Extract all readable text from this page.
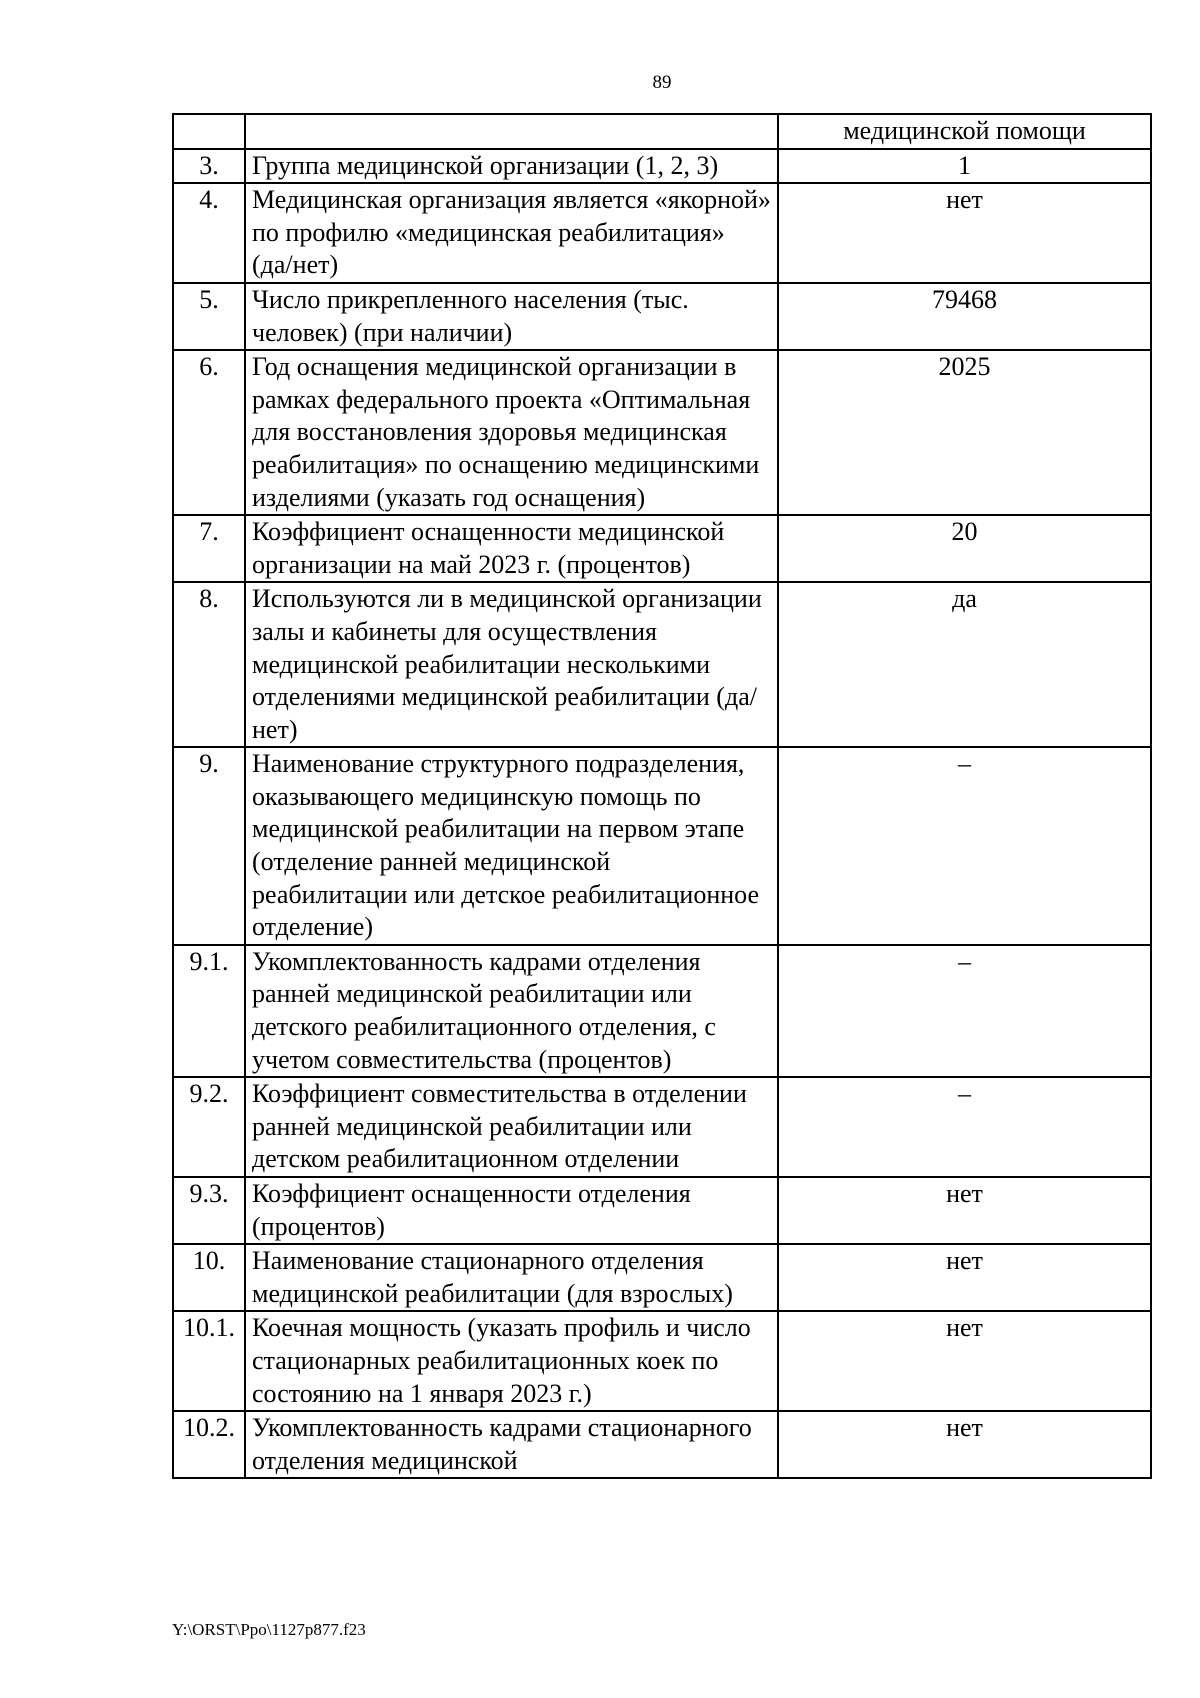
89
		медицинской помощи
3.	Группа медицинской организации (1, 2, 3)	1
4.	Медицинская организация является «якорной» по профилю «медицинская реабилитация» (да/нет)	нет
5.	Число прикрепленного населения (тыс. человек) (при наличии)	79468
6.	Год оснащения медицинской организации в рамках федерального проекта «Оптимальная для восстановления здоровья медицинская реабилитация» по оснащению медицинскими изделиями (указать год оснащения)	2025
7.	Коэффициент оснащенности медицинской организации на май 2023 г. (процентов)	20
8.	Используются ли в медицинской организации залы и кабинеты для осуществления медицинской реабилитации несколькими отделениями медицинской реабилитации (да/нет)	да
9.	Наименование структурного подразделения, оказывающего медицинскую помощь по медицинской реабилитации на первом этапе (отделение ранней медицинской реабилитации или детское реабилитационное отделение)	–
9.1.	Укомплектованность кадрами отделения ранней медицинской реабилитации или детского реабилитационного отделения, с учетом совместительства (процентов)	–
9.2.	Коэффициент совместительства в отделении ранней медицинской реабилитации или детском реабилитационном отделении	–
9.3.	Коэффициент оснащенности отделения (процентов)	нет
10.	Наименование стационарного отделения медицинской реабилитации (для взрослых)	нет
10.1.	Коечная мощность (указать профиль и число стационарных реабилитационных коек по состоянию на 1 января 2023 г.)	нет
10.2.	Укомплектованность кадрами стационарного отделения медицинской	нет
Y:\ORST\Ppo\1127p877.f23
